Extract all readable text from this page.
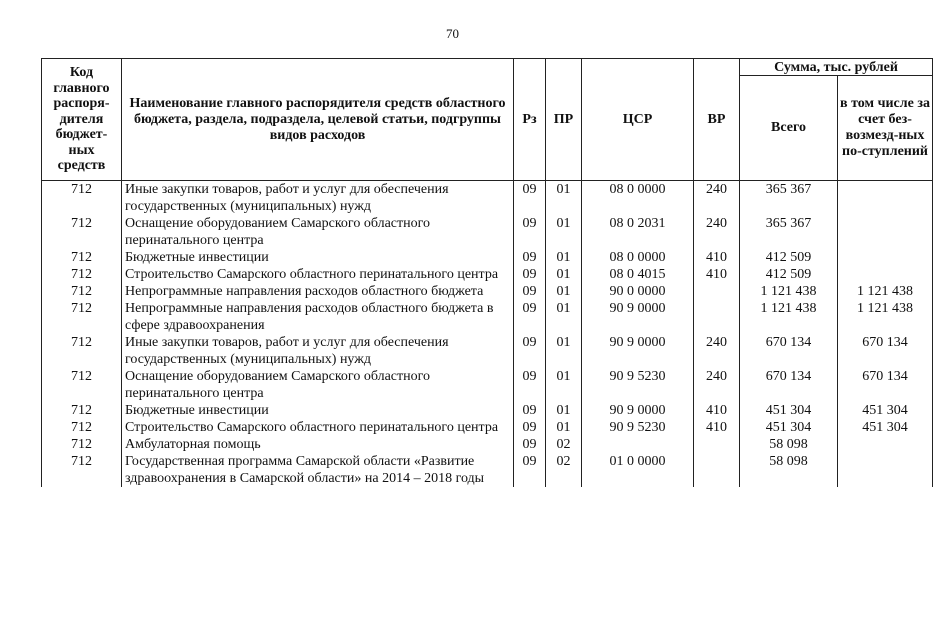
70
Код главного распоря-дителя бюджет-ных средств	Наименование главного распорядителя средств областного бюджета, раздела, подраздела, целевой статьи, подгруппы видов расходов	Рз	ПР	ЦСР	ВР	Сумма, тыс. рублей	
						Всего	в том числе за счет без-возмезд-ных по-ступлений
712	Иные закупки товаров, работ и услуг для обеспечения государственных (муниципальных) нужд	09	01	08 0 0000	240	365 367	
712	Оснащение оборудованием Самарского областного перинатального центра	09	01	08 0 2031	240	365 367	
712	Бюджетные инвестиции	09	01	08 0 0000	410	412 509	
712	Строительство Самарского областного перинатального центра	09	01	08 0 4015	410	412 509	
712	Непрограммные направления расходов областного бюджета	09	01	90 0 0000		1 121 438	1 121 438
712	Непрограммные направления расходов областного бюджета в сфере здравоохранения	09	01	90 9 0000		1 121 438	1 121 438
712	Иные закупки товаров, работ и услуг для обеспечения государственных (муниципальных) нужд	09	01	90 9 0000	240	670 134	670 134
712	Оснащение оборудованием Самарского областного перинатального центра	09	01	90 9 5230	240	670 134	670 134
712	Бюджетные инвестиции	09	01	90 9 0000	410	451 304	451 304
712	Строительство Самарского областного перинатального центра	09	01	90 9 5230	410	451 304	451 304
712	Амбулаторная помощь	09	02			58 098	
712	Государственная программа Самарской области «Развитие здравоохранения в Самарской области» на 2014 – 2018 годы	09	02	01 0 0000		58 098	
